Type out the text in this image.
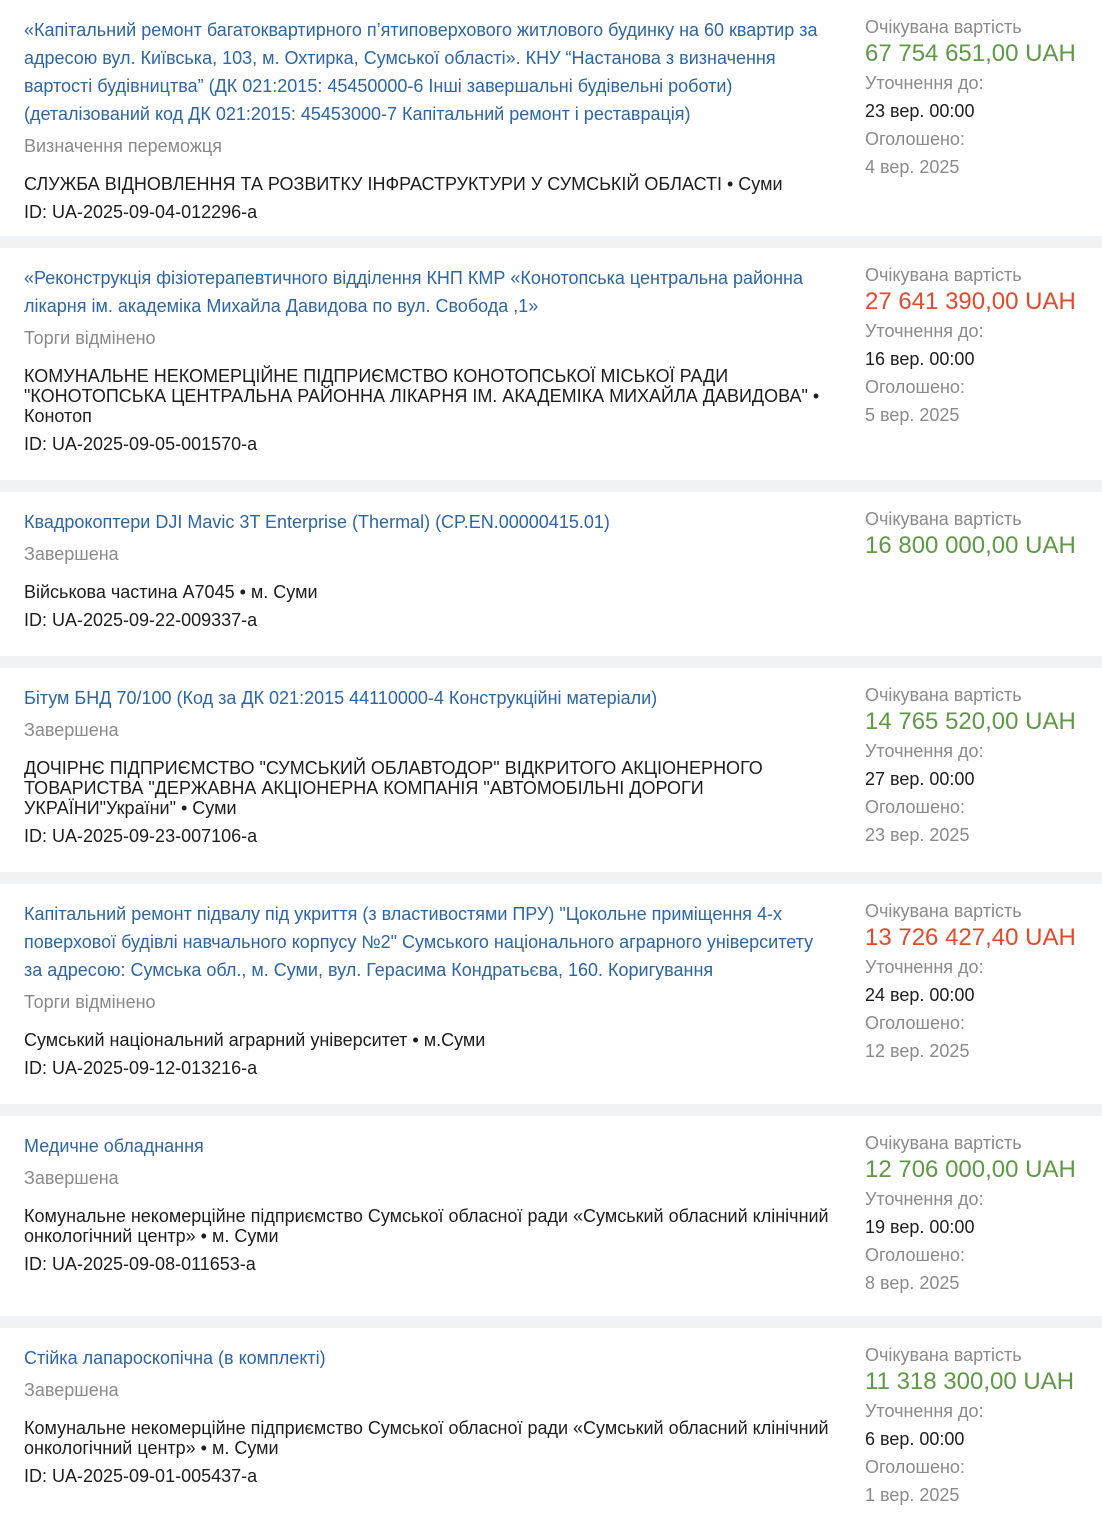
«Капітальний ремонт багатоквартирного п’ятиповерхового житлового будинку на 60 квартир за адресою вул. Київська, 103, м. Охтирка, Сумської області». КНУ “Настанова з визначення вартості будівництва” (ДК 021:2015: 45450000-6 Інші завершальні будівельні роботи) (деталізований код ДК 021:2015: 45453000-7 Капітальний ремонт і реставрація)
Визначення переможця
СЛУЖБА ВІДНОВЛЕННЯ ТА РОЗВИТКУ ІНФРАСТРУКТУРИ У СУМСЬКІЙ ОБЛАСТІ • Суми
ID: UA-2025-09-04-012296-a
Очікувана вартість
67 754 651,00 UAH
Уточнення до:
23 вер. 00:00
Оголошено:
4 вер. 2025
«Реконструкція фізіотерапевтичного відділення КНП КМР «Конотопська центральна районна лікарня ім. академіка Михайла Давидова по вул. Свобода ,1»
Торги відмінено
КОМУНАЛЬНЕ НЕКОМЕРЦІЙНЕ ПІДПРИЄМСТВО КОНОТОПСЬКОЇ МІСЬКОЇ РАДИ "КОНОТОПСЬКА ЦЕНТРАЛЬНА РАЙОННА ЛІКАРНЯ ІМ. АКАДЕМІКА МИХАЙЛА ДАВИДОВА" • Конотоп
ID: UA-2025-09-05-001570-a
Очікувана вартість
27 641 390,00 UAH
Уточнення до:
16 вер. 00:00
Оголошено:
5 вер. 2025
Квадрокоптери DJI Mavic 3T Enterprise (Thermal) (CP.EN.00000415.01)
Завершена
Військова частина А7045 • м. Суми
ID: UA-2025-09-22-009337-a
Очікувана вартість
16 800 000,00 UAH
Бітум БНД 70/100 (Код за ДК 021:2015 44110000-4 Конструкційні матеріали)
Завершена
ДОЧІРНЄ ПІДПРИЄМСТВО "СУМСЬКИЙ ОБЛАВТОДОР" ВІДКРИТОГО АКЦІОНЕРНОГО ТОВАРИСТВА "ДЕРЖАВНА АКЦІОНЕРНА КОМПАНІЯ "АВТОМОБІЛЬНІ ДОРОГИ УКРАЇНИ"України" • Суми
ID: UA-2025-09-23-007106-a
Очікувана вартість
14 765 520,00 UAH
Уточнення до:
27 вер. 00:00
Оголошено:
23 вер. 2025
Капітальний ремонт підвалу під укриття (з властивостями ПРУ) "Цокольне приміщення 4-х поверхової будівлі навчального корпусу №2" Сумського національного аграрного університету за адресою: Сумська обл., м. Суми, вул. Герасима Кондратьєва, 160. Коригування
Торги відмінено
Сумський національний аграрний університет • м.Суми
ID: UA-2025-09-12-013216-a
Очікувана вартість
13 726 427,40 UAH
Уточнення до:
24 вер. 00:00
Оголошено:
12 вер. 2025
Медичне обладнання
Завершена
Комунальне некомерційне підприємство Сумської обласної ради «Сумський обласний клінічний онкологічний центр» • м. Суми
ID: UA-2025-09-08-011653-a
Очікувана вартість
12 706 000,00 UAH
Уточнення до:
19 вер. 00:00
Оголошено:
8 вер. 2025
Стійка лапароскопічна (в комплекті)
Завершена
Комунальне некомерційне підприємство Сумської обласної ради «Сумський обласний клінічний онкологічний центр» • м. Суми
ID: UA-2025-09-01-005437-a
Очікувана вартість
11 318 300,00 UAH
Уточнення до:
6 вер. 00:00
Оголошено:
1 вер. 2025
